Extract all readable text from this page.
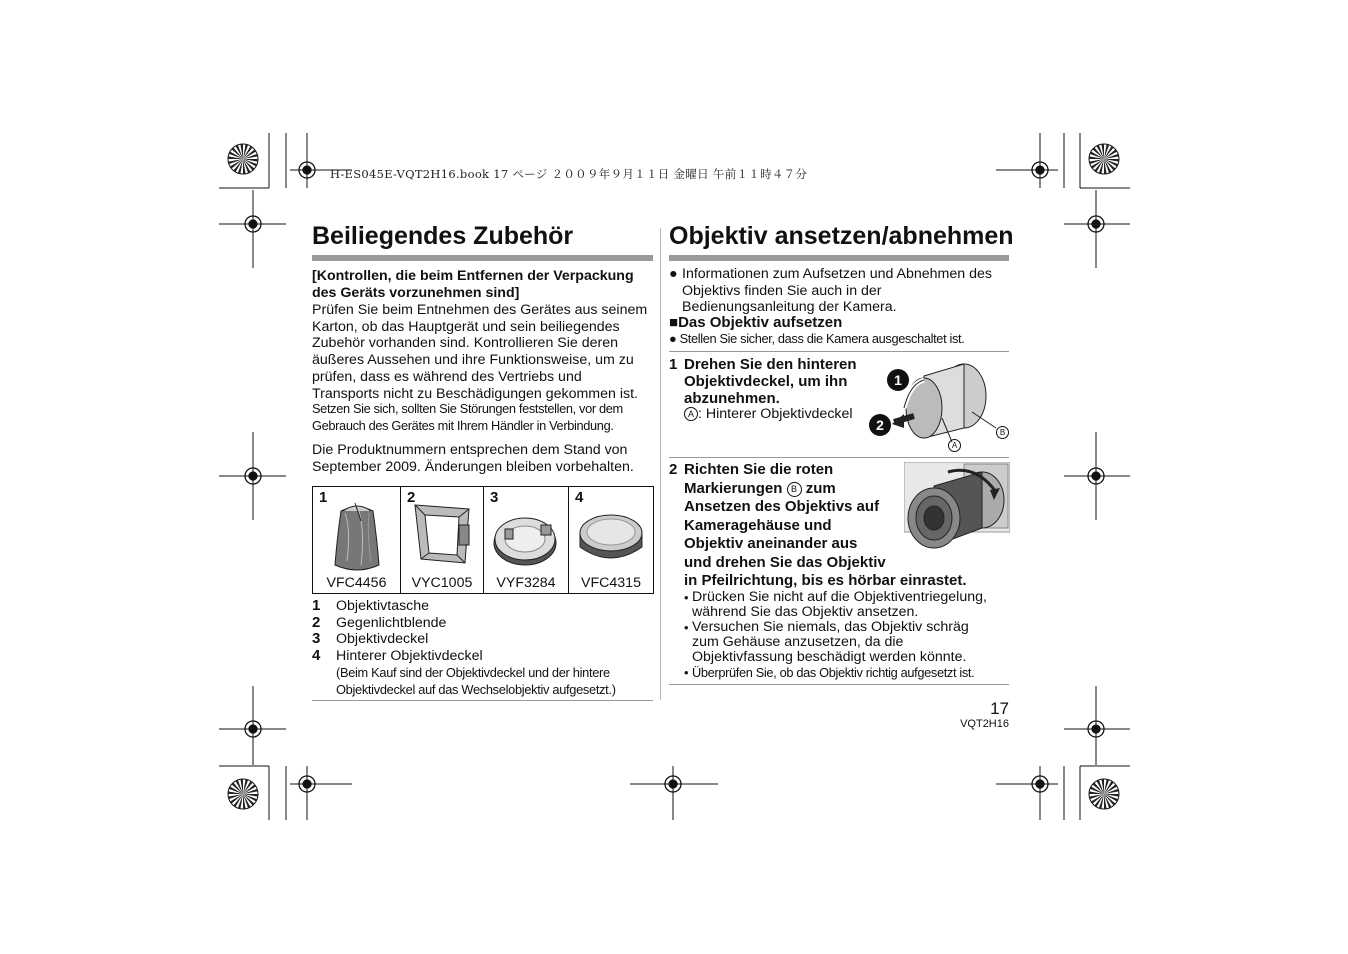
H-ES045E-VQT2H16.book 17 ページ ２００９年９月１１日 金曜日 午前１１時４７分
Beiliegendes Zubehör
[Kontrollen, die beim Entfernen der Verpackung
des Geräts vorzunehmen sind]
Prüfen Sie beim Entnehmen des Gerätes aus seinem
Karton, ob das Hauptgerät und sein beiliegendes
Zubehör vorhanden sind. Kontrollieren Sie deren
äußeres Aussehen und ihre Funktionsweise, um zu
prüfen, dass es während des Vertriebs und
Transports nicht zu Beschädigungen gekommen ist.
Setzen Sie sich, sollten Sie Störungen feststellen, vor dem
Gebrauch des Gerätes mit Ihrem Händler in Verbindung.
Die Produktnummern entsprechen dem Stand von
September 2009. Änderungen bleiben vorbehalten.
1
VFC4456

2
VYC1005

3
VYF3284

4
VFC4315
1 Objektivtasche
2 Gegenlichtblende
3 Objektivdeckel
4 Hinterer Objektivdeckel
(Beim Kauf sind der Objektivdeckel und der hintere
Objektivdeckel auf das Wechselobjektiv aufgesetzt.)
Objektiv ansetzen/abnehmen
● Informationen zum Aufsetzen und Abnehmen des
Objektivs finden Sie auch in der
Bedienungsanleitung der Kamera.
■Das Objektiv aufsetzen
● Stellen Sie sicher, dass die Kamera ausgeschaltet ist.
1 Drehen Sie den hinteren
Objektivdeckel, um ihn
abzunehmen.
A : Hinterer Objektivdeckel
1
2
A
B
2 Richten Sie die roten
Markierungen B zum
Ansetzen des Objektivs auf
Kameragehäuse und
Objektiv aneinander aus
und drehen Sie das Objektiv
in Pfeilrichtung, bis es hörbar einrastet.
• Drücken Sie nicht auf die Objektiventriegelung,
während Sie das Objektiv ansetzen.
• Versuchen Sie niemals, das Objektiv schräg
zum Gehäuse anzusetzen, da die
Objektivfassung beschädigt werden könnte.
• Überprüfen Sie, ob das Objektiv richtig aufgesetzt ist.
17
VQT2H16
